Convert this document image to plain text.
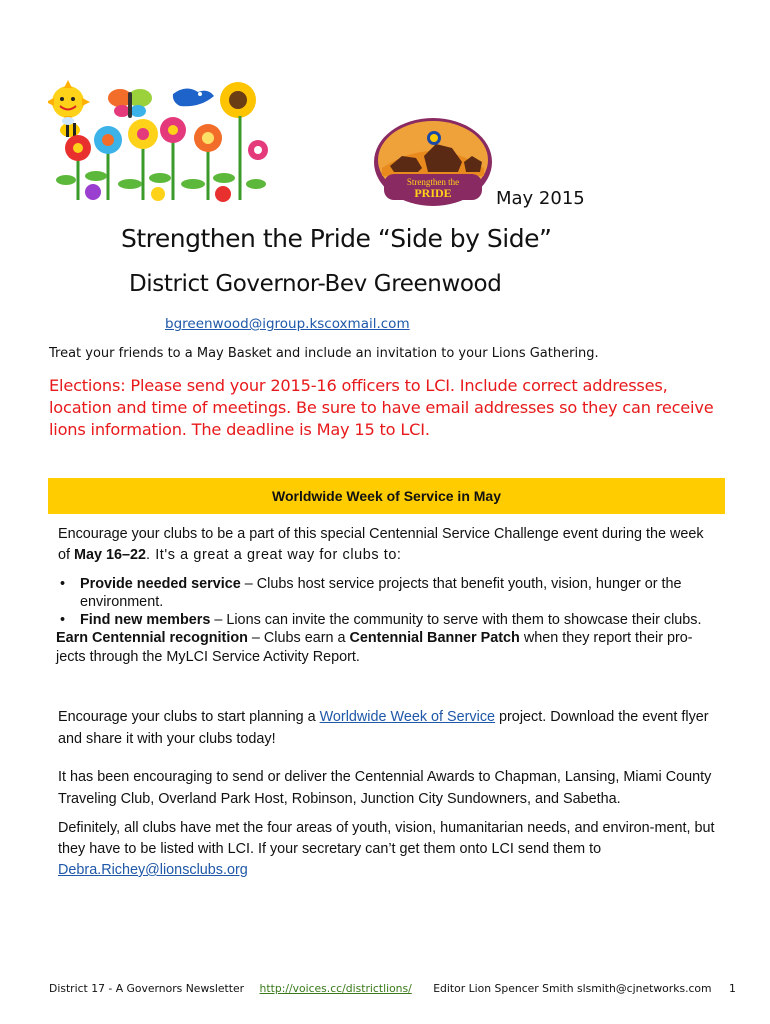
Strengthen the
PRIDE May 2015
Strengthen the Pride “Side by Side”
District Governor-Bev Greenwood
bgreenwood@igroup.kscoxmail.com
Treat your friends to a May Basket and include an invitation to your Lions Gathering.
Elections: Please send your 2015-16 officers to LCI. Include correct addresses, location and time of meetings. Be sure to have email addresses so they can receive lions information. The deadline is May 15 to LCI.
Worldwide Week of Service in May
Encourage your clubs to be a part of this special Centennial Service Challenge event during the week of May 16–22. It's a great a great way for clubs to:
• Provide needed service – Clubs host service projects that benefit youth, vision, hunger or the environment.
• Find new members – Lions can invite the community to serve with them to showcase their clubs.
Earn Centennial recognition – Clubs earn a Centennial Banner Patch when they report their pro-jects through the MyLCI Service Activity Report.
Encourage your clubs to start planning a Worldwide Week of Service project. Download the event flyer and share it with your clubs today!
It has been encouraging to send or deliver the Centennial Awards to Chapman, Lansing, Miami County Traveling Club, Overland Park Host, Robinson, Junction City Sundowners, and Sabetha.
Definitely, all clubs have met the four areas of youth, vision, humanitarian needs, and environ-ment, but they have to be listed with LCI. If your secretary can’t get them onto LCI send them to Debra.Richey@lionsclubs.org
District 17 - A Governors Newsletter http://voices.cc/districtlions/ Editor Lion Spencer Smith slsmith@cjnetworks.com 1
